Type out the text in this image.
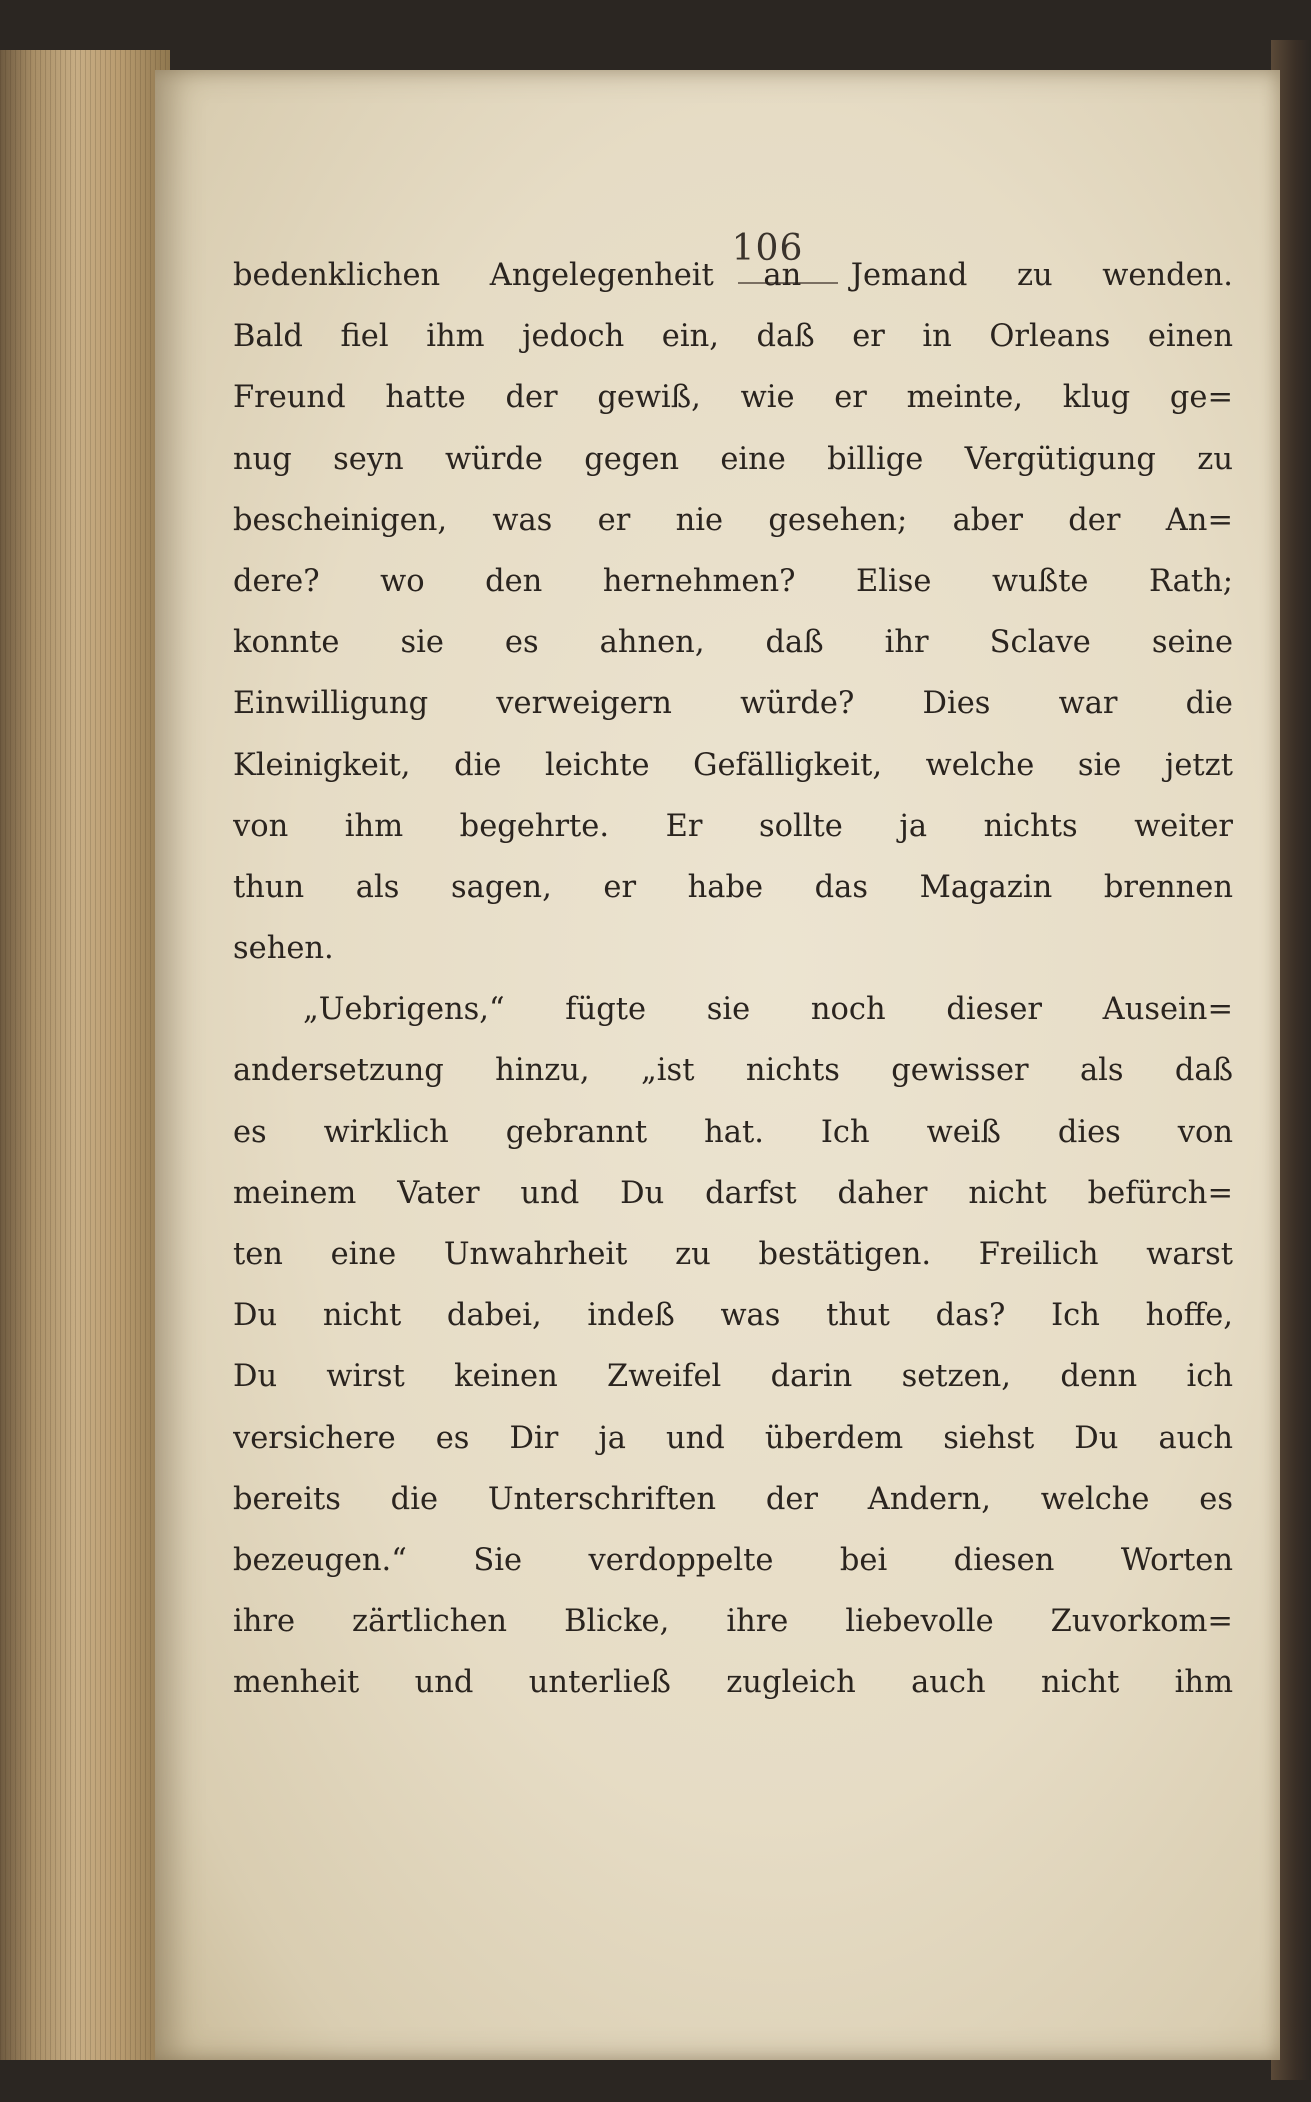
106
bedenklichen Angelegenheit an Jemand zu wenden.
Bald fiel ihm jedoch ein, daß er in Orleans einen
Freund hatte der gewiß, wie er meinte, klug ge=
nug seyn würde gegen eine billige Vergütigung zu
bescheinigen, was er nie gesehen; aber der An=
dere? wo den hernehmen? Elise wußte Rath;
konnte sie es ahnen, daß ihr Sclave seine
Einwilligung verweigern würde? Dies war die
Kleinigkeit, die leichte Gefälligkeit, welche sie jetzt
von ihm begehrte. Er sollte ja nichts weiter
thun als sagen, er habe das Magazin brennen
sehen.
„Uebrigens,“ fügte sie noch dieser Ausein=
andersetzung hinzu, „ist nichts gewisser als daß
es wirklich gebrannt hat. Ich weiß dies von
meinem Vater und Du darfst daher nicht befürch=
ten eine Unwahrheit zu bestätigen. Freilich warst
Du nicht dabei, indeß was thut das? Ich hoffe,
Du wirst keinen Zweifel darin setzen, denn ich
versichere es Dir ja und überdem siehst Du auch
bereits die Unterschriften der Andern, welche es
bezeugen.“ Sie verdoppelte bei diesen Worten
ihre zärtlichen Blicke, ihre liebevolle Zuvorkom=
menheit und unterließ zugleich auch nicht ihm
